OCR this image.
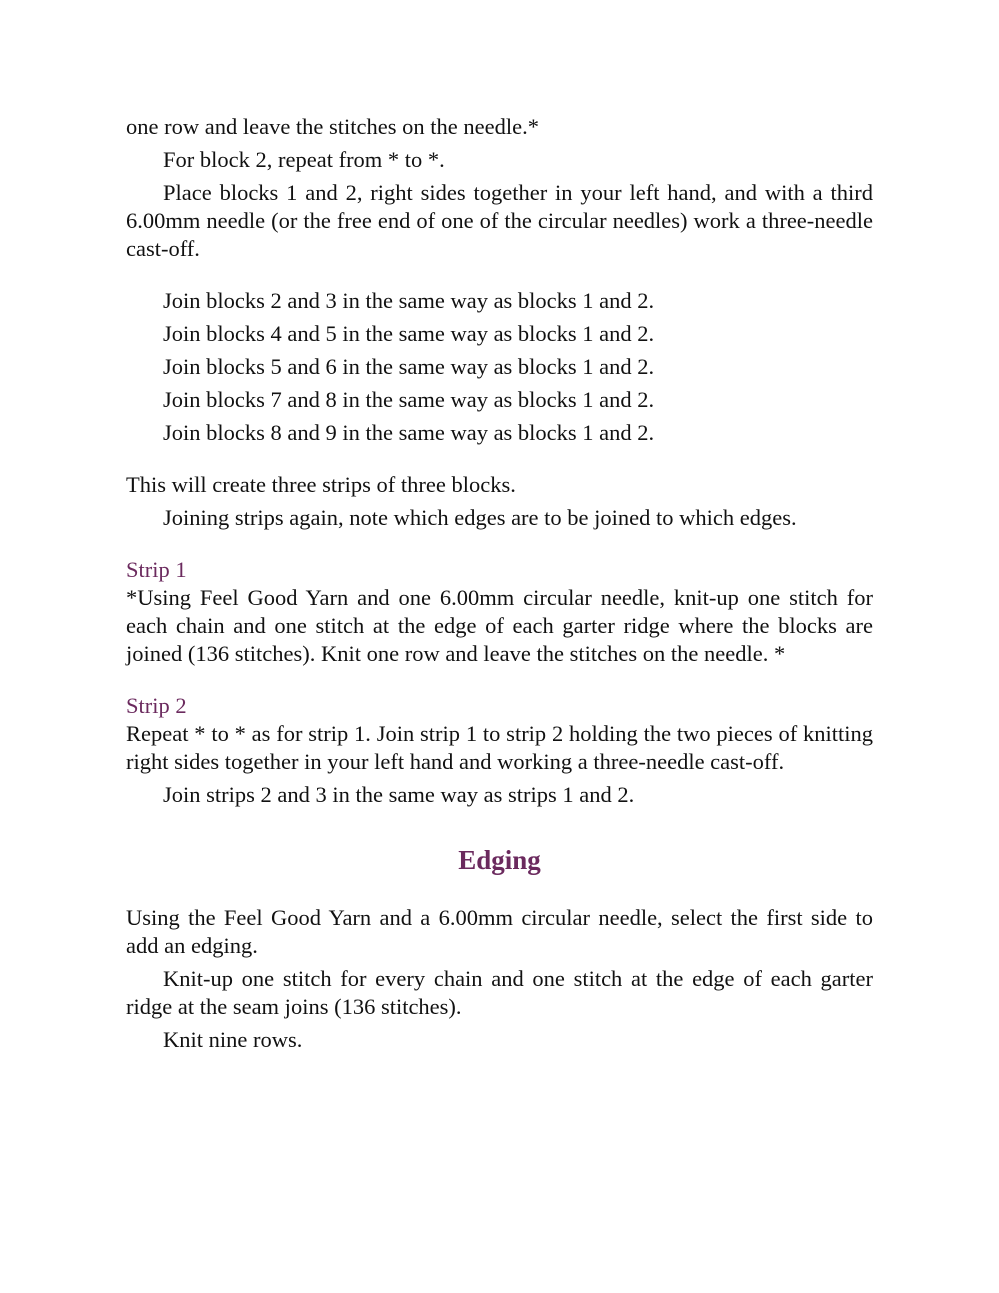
one row and leave the stitches on the needle.*

For block 2, repeat from * to *.

Place blocks 1 and 2, right sides together in your left hand, and with a third 6.00mm needle (or the free end of one of the circular needles) work a three-needle cast-off.

Join blocks 2 and 3 in the same way as blocks 1 and 2.

Join blocks 4 and 5 in the same way as blocks 1 and 2.

Join blocks 5 and 6 in the same way as blocks 1 and 2.

Join blocks 7 and 8 in the same way as blocks 1 and 2.

Join blocks 8 and 9 in the same way as blocks 1 and 2.

This will create three strips of three blocks.

Joining strips again, note which edges are to be joined to which edges.

Strip 1

*Using Feel Good Yarn and one 6.00mm circular needle, knit-up one stitch for each chain and one stitch at the edge of each garter ridge where the blocks are joined (136 stitches). Knit one row and leave the stitches on the needle. *

Strip 2

Repeat * to * as for strip 1. Join strip 1 to strip 2 holding the two pieces of knitting right sides together in your left hand and working a three-needle cast-off.

Join strips 2 and 3 in the same way as strips 1 and 2.

Edging

Using the Feel Good Yarn and a 6.00mm circular needle, select the first side to add an edging.

Knit-up one stitch for every chain and one stitch at the edge of each garter ridge at the seam joins (136 stitches).

Knit nine rows.
